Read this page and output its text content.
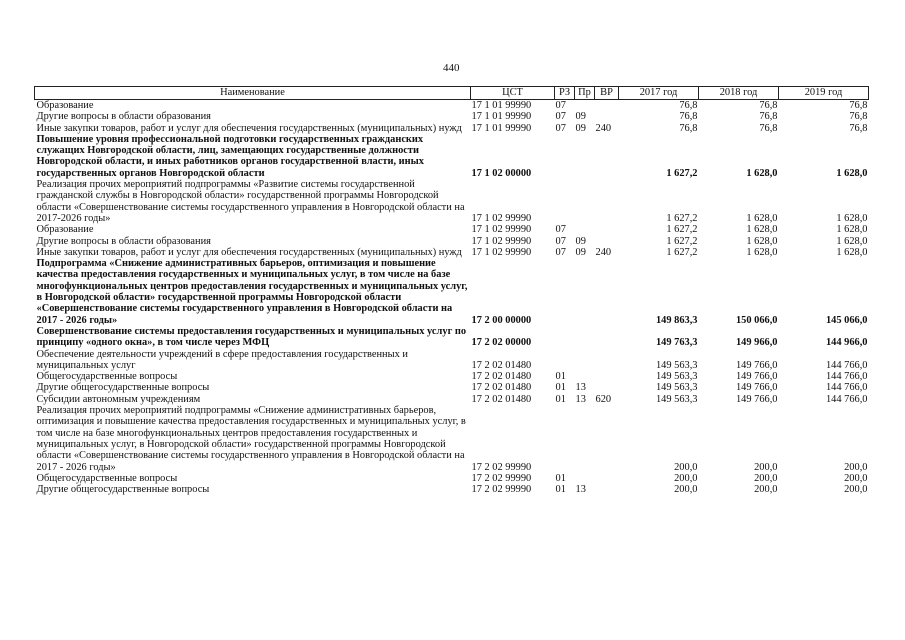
440
Наименование	ЦСТ	РЗ	Пр	ВР	2017 год	2018 год	2019 год
Образование	17 1 01 99990	07			76,8	76,8	76,8
Другие вопросы в области образования	17 1 01 99990	07	09		76,8	76,8	76,8
Иные закупки товаров, работ и услуг для обеспечения государственных (муниципальных) нужд	17 1 01 99990	07	09	240	76,8	76,8	76,8
Повышение уровня профессиональной подготовки государственных гражданских служащих Новгородской области, лиц, замещающих государственные должности Новгородской области, и иных работников органов государственной власти, иных государственных органов Новгородской области	17 1 02 00000				1 627,2	1 628,0	1 628,0
Реализация прочих мероприятий подпрограммы «Развитие системы государственной гражданской службы в Новгородской области» государственной программы Новгородской области «Совершенствование системы государственного управления в Новгородской области на 2017-2026 годы»	17 1 02 99990				1 627,2	1 628,0	1 628,0
Образование	17 1 02 99990	07			1 627,2	1 628,0	1 628,0
Другие вопросы в области образования	17 1 02 99990	07	09		1 627,2	1 628,0	1 628,0
Иные закупки товаров, работ и услуг для обеспечения государственных (муниципальных) нужд	17 1 02 99990	07	09	240	1 627,2	1 628,0	1 628,0
Подпрограмма «Снижение административных барьеров, оптимизация и повышение качества предоставления государственных и муниципальных услуг, в том числе на базе многофункциональных центров предоставления государственных и муниципальных услуг, в Новгородской области» государственной программы Новгородской области «Совершенствование системы государственного управления в Новгородской области на 2017 - 2026 годы»	17 2 00 00000				149 863,3	150 066,0	145 066,0
Совершенствование системы предоставления государственных и муниципальных услуг по принципу «одного окна», в том числе через МФЦ	17 2 02 00000				149 763,3	149 966,0	144 966,0
Обеспечение деятельности учреждений в сфере предоставления государственных и муниципальных услуг	17 2 02 01480				149 563,3	149 766,0	144 766,0
Общегосударственные вопросы	17 2 02 01480	01			149 563,3	149 766,0	144 766,0
Другие общегосударственные вопросы	17 2 02 01480	01	13		149 563,3	149 766,0	144 766,0
Субсидии автономным учреждениям	17 2 02 01480	01	13	620	149 563,3	149 766,0	144 766,0
Реализация прочих мероприятий подпрограммы «Снижение административных барьеров, оптимизация и повышение качества предоставления государственных и муниципальных услуг, в том числе на базе многофункциональных центров предоставления государственных и муниципальных услуг, в Новгородской области» государственной программы Новгородской области «Совершенствование системы государственного управления в Новгородской области на 2017 - 2026 годы»	17 2 02 99990				200,0	200,0	200,0
Общегосударственные вопросы	17 2 02 99990	01			200,0	200,0	200,0
Другие общегосударственные вопросы	17 2 02 99990	01	13		200,0	200,0	200,0
